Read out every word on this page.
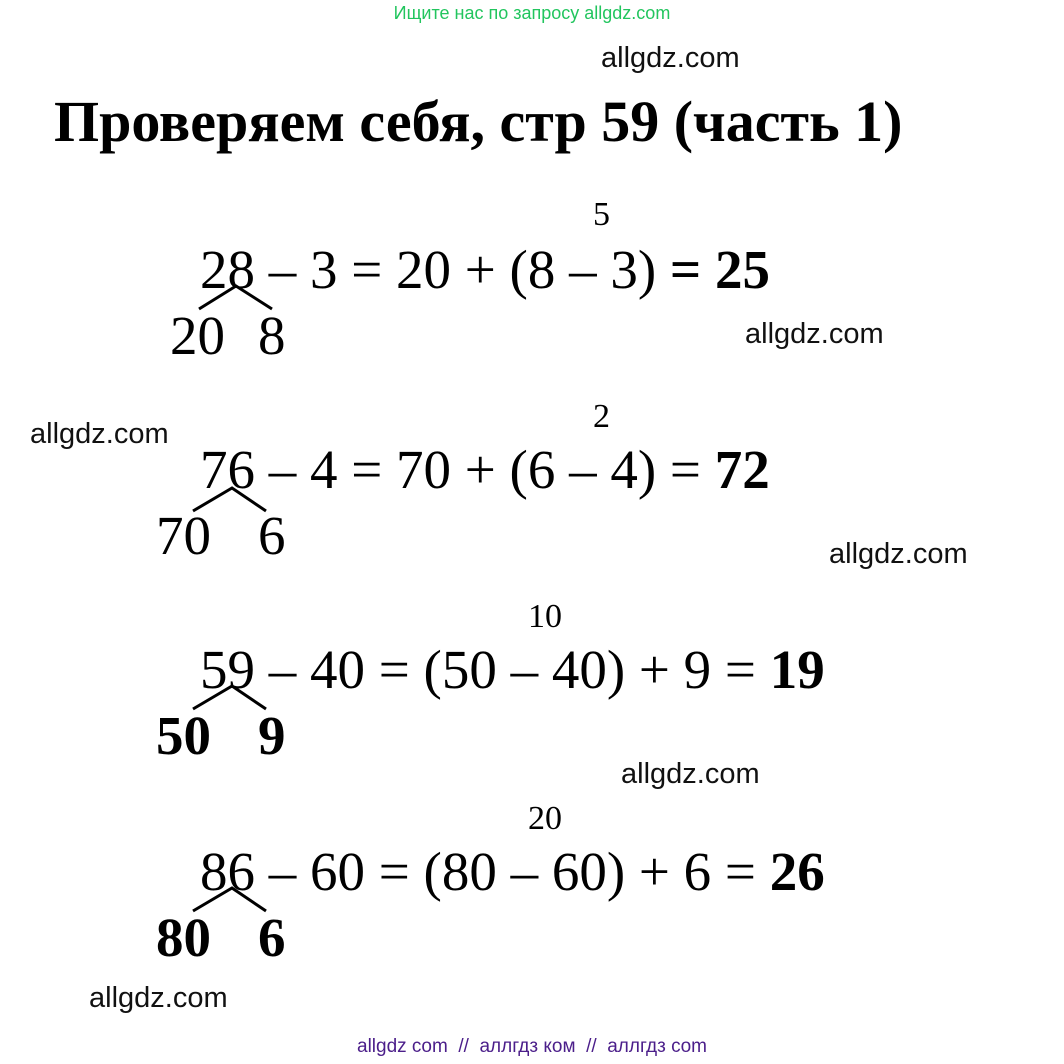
Ищите нас по запросу allgdz.com
allgdz.com
allgdz.com
allgdz.com
allgdz.com
allgdz.com
allgdz.com
Проверяем себя, стр 59 (часть 1)
5
28 – 3 = 20 + (8 – 3) = 25
20 8
2
76 – 4 = 70 + (6 – 4) = 72
70 6
10
59 – 40 = (50 – 40) + 9 = 19
50 9
20
86 – 60 = (80 – 60) + 6 = 26
80 6
allgdz com  //  аллгдз ком  //  аллгдз com
